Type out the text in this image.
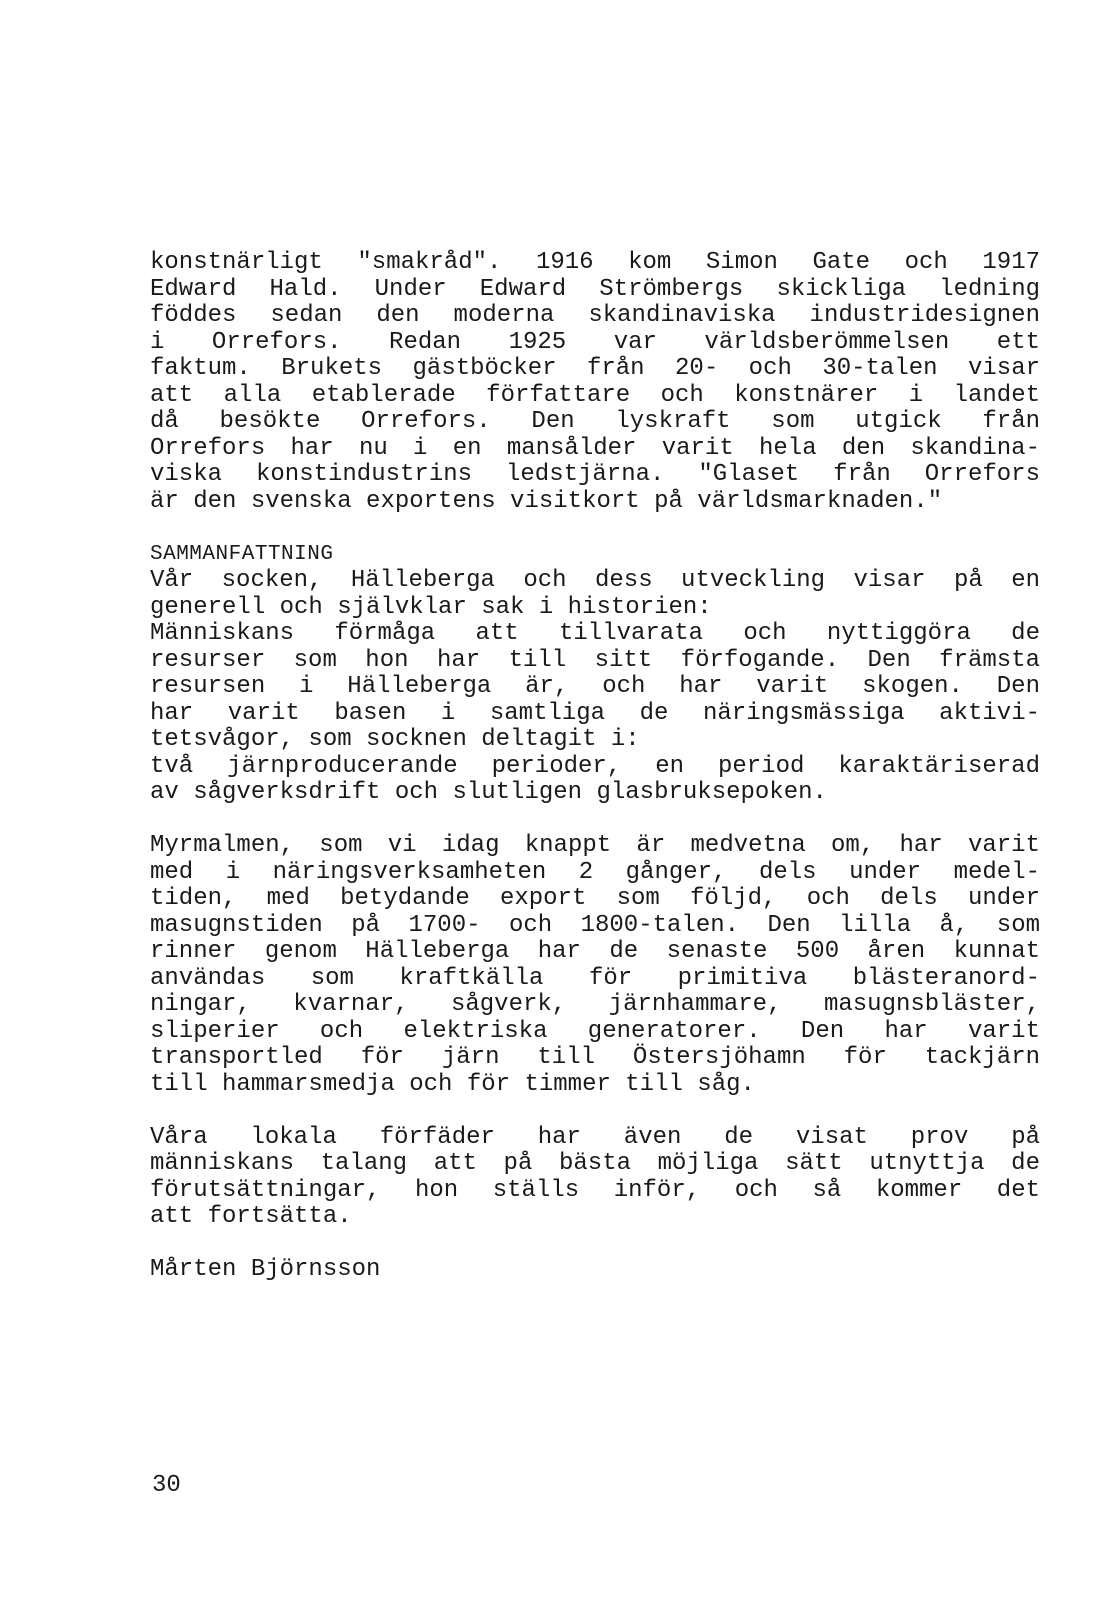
konstnärligt "smakråd". 1916 kom Simon Gate och 1917
Edward Hald. Under Edward Strömbergs skickliga ledning
föddes sedan den moderna skandinaviska industridesignen
i Orrefors. Redan 1925 var världsberömmelsen ett
faktum. Brukets gästböcker från 20- och 30-talen visar
att alla etablerade författare och konstnärer i landet
då besökte Orrefors. Den lyskraft som utgick från
Orrefors har nu i en mansålder varit hela den skandina-
viska konstindustrins ledstjärna. "Glaset från Orrefors
är den svenska exportens visitkort på världsmarknaden."
SAMMANFATTNING
Vår socken, Hälleberga och dess utveckling visar på en
generell och självklar sak i historien:
Människans förmåga att tillvarata och nyttiggöra de
resurser som hon har till sitt förfogande. Den främsta
resursen i Hälleberga är, och har varit skogen. Den
har varit basen i samtliga de näringsmässiga aktivi-
tetsvågor, som socknen deltagit i:
två järnproducerande perioder, en period karaktäriserad
av sågverksdrift och slutligen glasbruksepoken.
Myrmalmen, som vi idag knappt är medvetna om, har varit
med i näringsverksamheten 2 gånger, dels under medel-
tiden, med betydande export som följd, och dels under
masugnstiden på 1700- och 1800-talen. Den lilla å, som
rinner genom Hälleberga har de senaste 500 åren kunnat
användas som kraftkälla för primitiva blästeranord-
ningar, kvarnar, sågverk, järnhammare, masugnsbläster,
sliperier och elektriska generatorer. Den har varit
transportled för järn till Östersjöhamn för tackjärn
till hammarsmedja och för timmer till såg.
Våra lokala förfäder har även de visat prov på
människans talang att på bästa möjliga sätt utnyttja de
förutsättningar, hon ställs inför, och så kommer det
att fortsätta.
Mårten Björnsson
30
